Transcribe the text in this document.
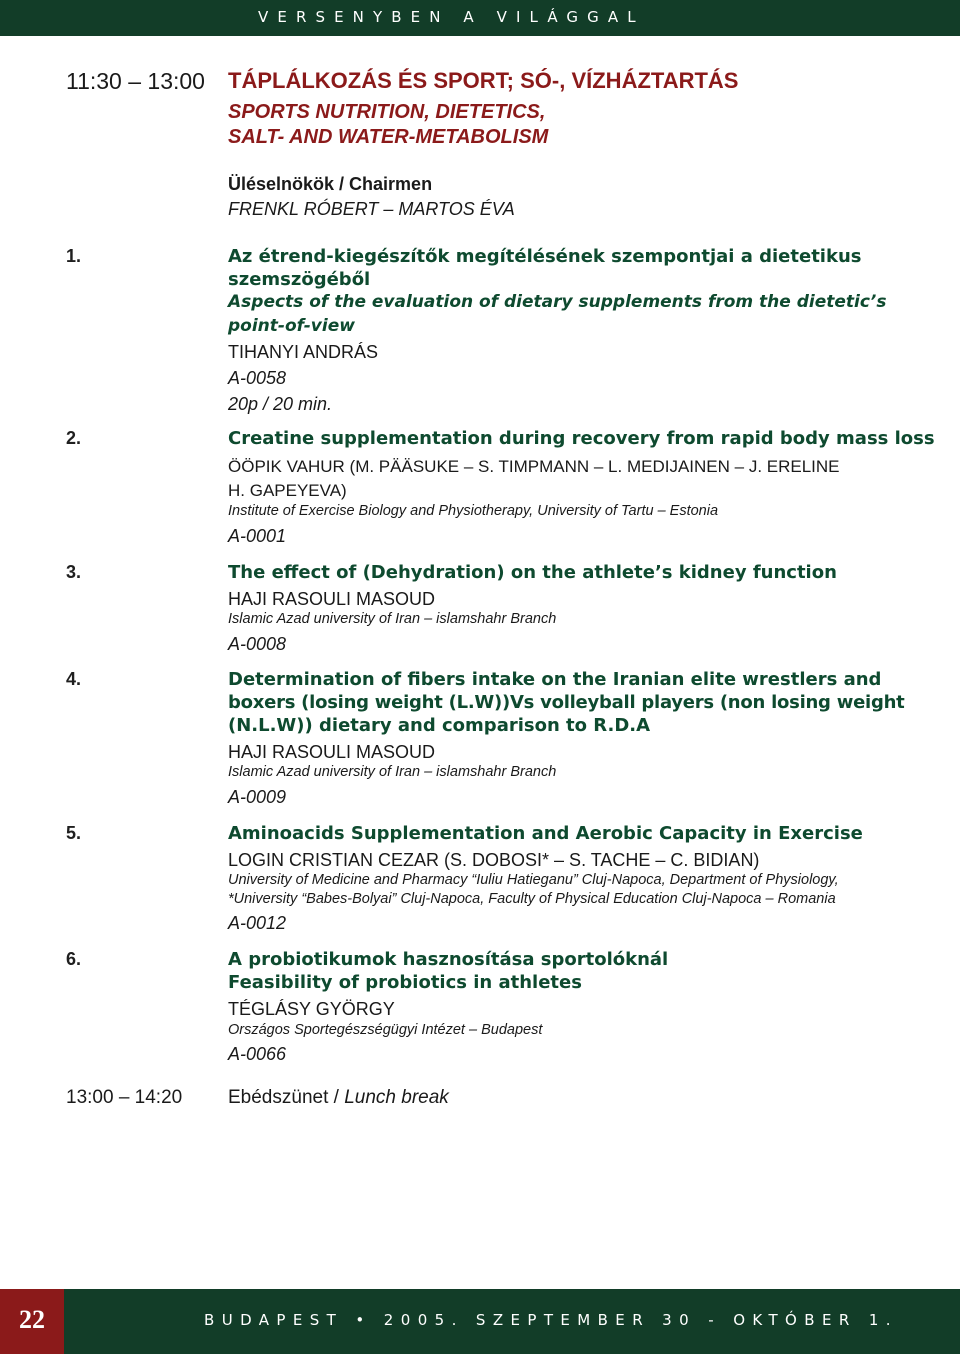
VERSENYBEN A VILÁGGAL
11:30 – 13:00 TÁPLÁLKOZÁS ÉS SPORT; SÓ-, VÍZHÁZTARTÁS
SPORTS NUTRITION, DIETETICS,
SALT- AND WATER-METABOLISM
Üléselnökök / Chairmen
FRENKL RÓBERT – MARTOS ÉVA
1.	Az étrend-kiegészítők megítélésének szempontjai a dietetikus
szemszögéből
Aspects of the evaluation of dietary supplements from the dietetic’s
point-of-view
TIHANYI ANDRÁS
A-0058
20p / 20 min.
2.	Creatine supplementation during recovery from rapid body mass loss
ÖÖPIK VAHUR (M. PÄÄSUKE – S. TIMPMANN – L. MEDIJAINEN – J. ERELINE
H. GAPEYEVA)
Institute of Exercise Biology and Physiotherapy, University of Tartu – Estonia
A-0001
3.	The effect of (Dehydration) on the athlete’s kidney function
HAJI RASOULI MASOUD
Islamic Azad university of Iran – islamshahr Branch
A-0008
4.	Determination of fibers intake on the Iranian elite wrestlers and
boxers (losing weight (L.W))Vs volleyball players (non losing weight
(N.L.W)) dietary and comparison to R.D.A
HAJI RASOULI MASOUD
Islamic Azad university of Iran – islamshahr Branch
A-0009
5.	Aminoacids Supplementation and Aerobic Capacity in Exercise
LOGIN CRISTIAN CEZAR (S. DOBOSI* – S. TACHE – C. BIDIAN)
University of Medicine and Pharmacy “Iuliu Hatieganu” Cluj-Napoca, Department of Physiology,
*University “Babes-Bolyai” Cluj-Napoca, Faculty of Physical Education Cluj-Napoca – Romania
A-0012
6.	A probiotikumok hasznosítása sportolóknál
Feasibility of probiotics in athletes
TÉGLÁSY GYÖRGY
Országos Sportegészségügyi Intézet – Budapest
A-0066
13:00 – 14:20 Ebédszünet / Lunch break
22	BUDAPEST • 2005. SZEPTEMBER 30 - OKTÓBER 1.
